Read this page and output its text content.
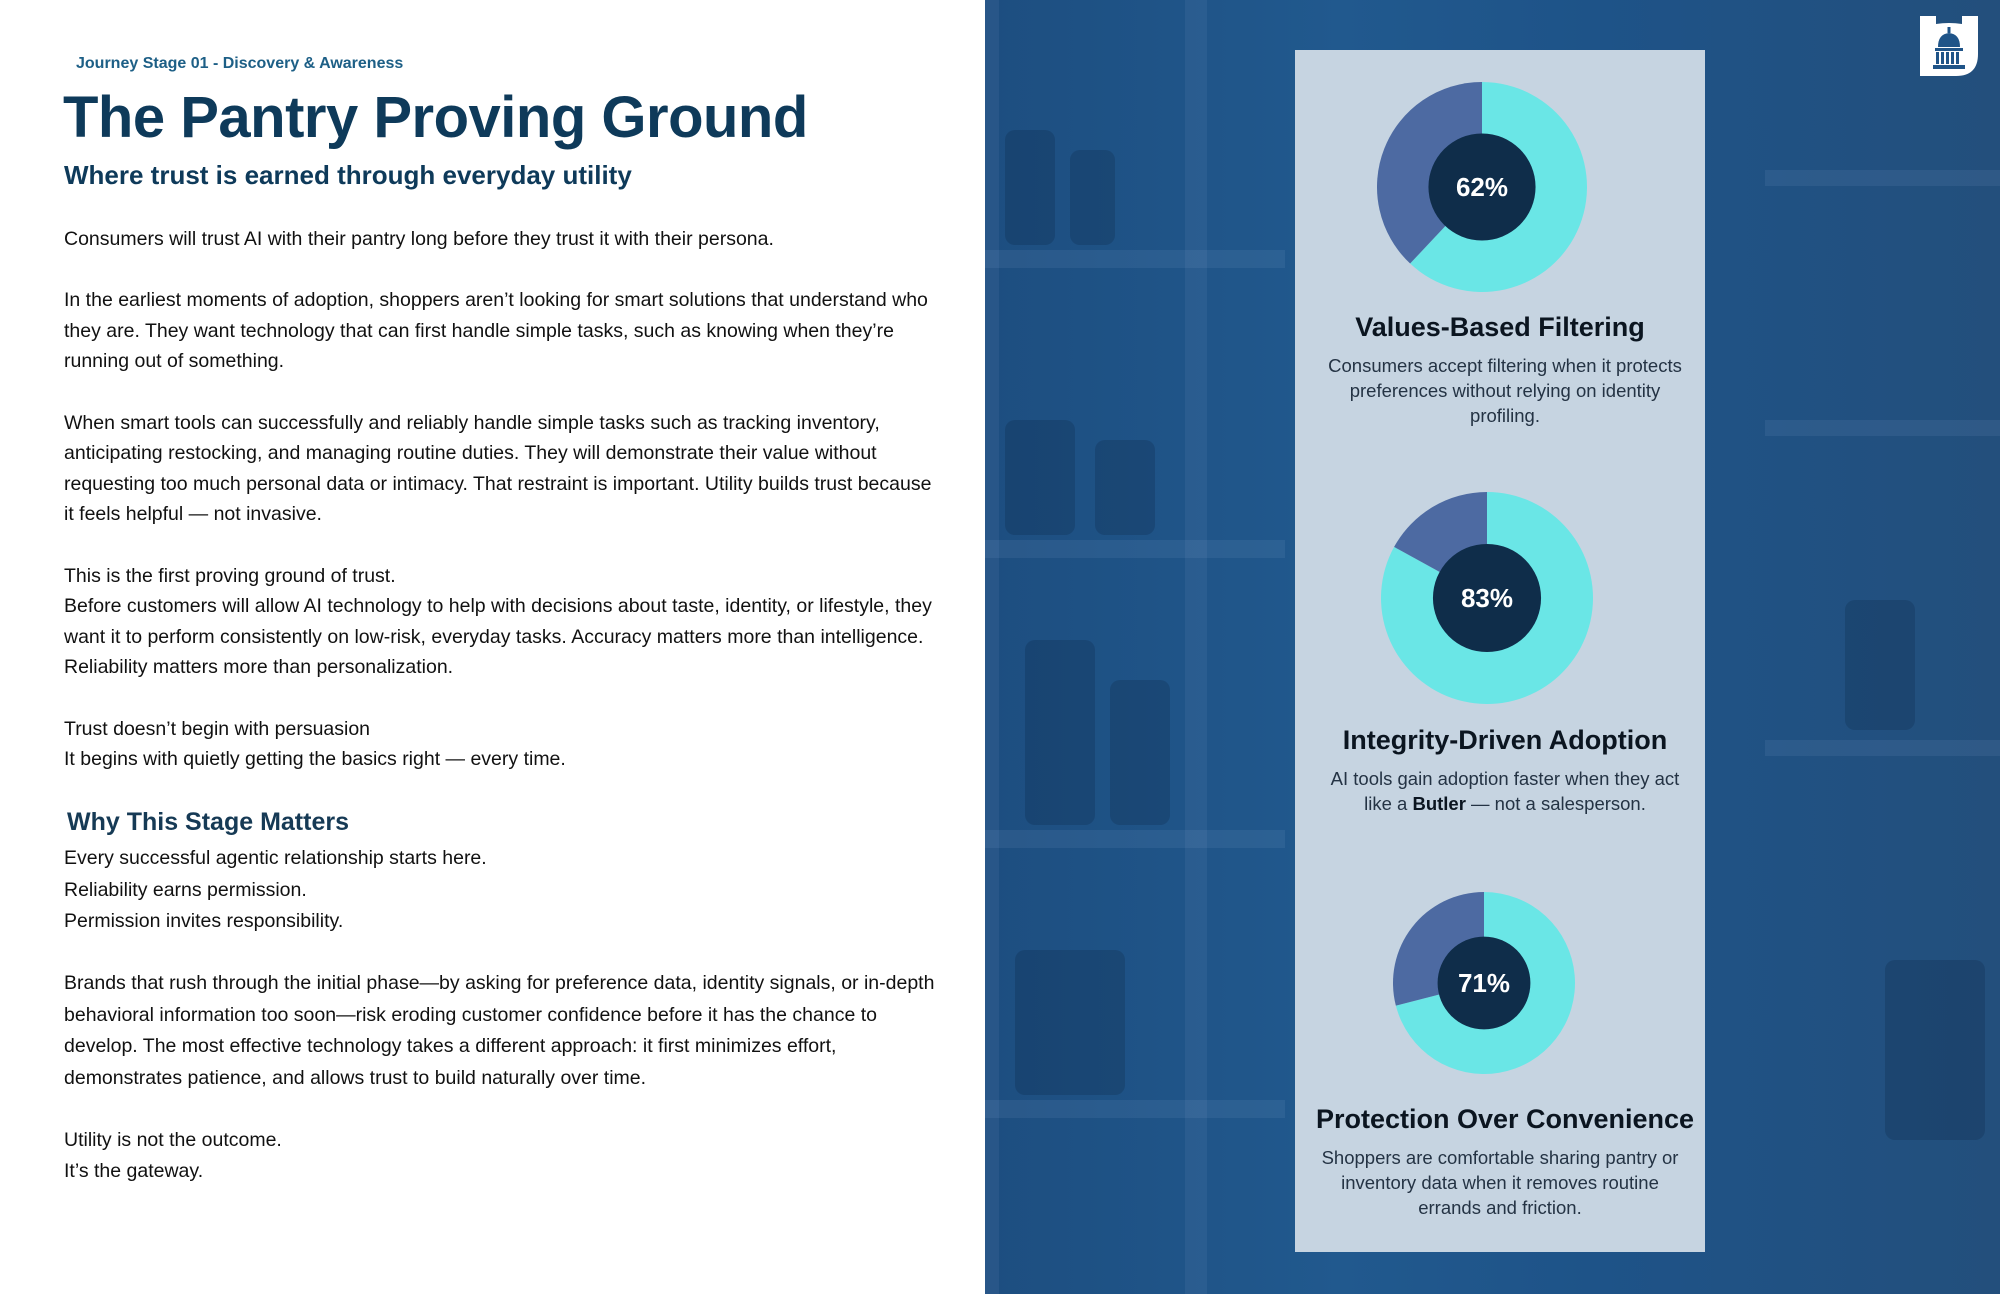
Journey Stage 01 - Discovery & Awareness
The Pantry Proving Ground
Where trust is earned through everyday utility

Consumers will trust AI with their pantry long before they trust it with their persona.

In the earliest moments of adoption, shoppers aren’t looking for smart solutions that understand who they are. They want technology that can first handle simple tasks, such as knowing when they’re running out of something.

When smart tools can successfully and reliably handle simple tasks such as tracking inventory, anticipating restocking, and managing routine duties. They will demonstrate their value without requesting too much personal data or intimacy. That restraint is important. Utility builds trust because it feels helpful — not invasive.

This is the first proving ground of trust.
Before customers will allow AI technology to help with decisions about taste, identity, or lifestyle, they want it to perform consistently on low-risk, everyday tasks. Accuracy matters more than intelligence. Reliability matters more than personalization.

Trust doesn’t begin with persuasion
It begins with quietly getting the basics right — every time.

Why This Stage Matters

Every successful agentic relationship starts here.
Reliability earns permission.
Permission invites responsibility.

Brands that rush through the initial phase—by asking for preference data, identity signals, or in-depth behavioral information too soon—risk eroding customer confidence before it has the chance to develop. The most effective technology takes a different approach: it first minimizes effort, demonstrates patience, and allows trust to build naturally over time.

Utility is not the outcome.
It’s the gateway.

62%
Values-Based Filtering
Consumers accept filtering when it protects preferences without relying on identity profiling.
83%
Integrity-Driven Adoption
AI tools gain adoption faster when they act like a Butler — not a salesperson.
71%
Protection Over Convenience
Shoppers are comfortable sharing pantry or inventory data when it removes routine errands and friction.
